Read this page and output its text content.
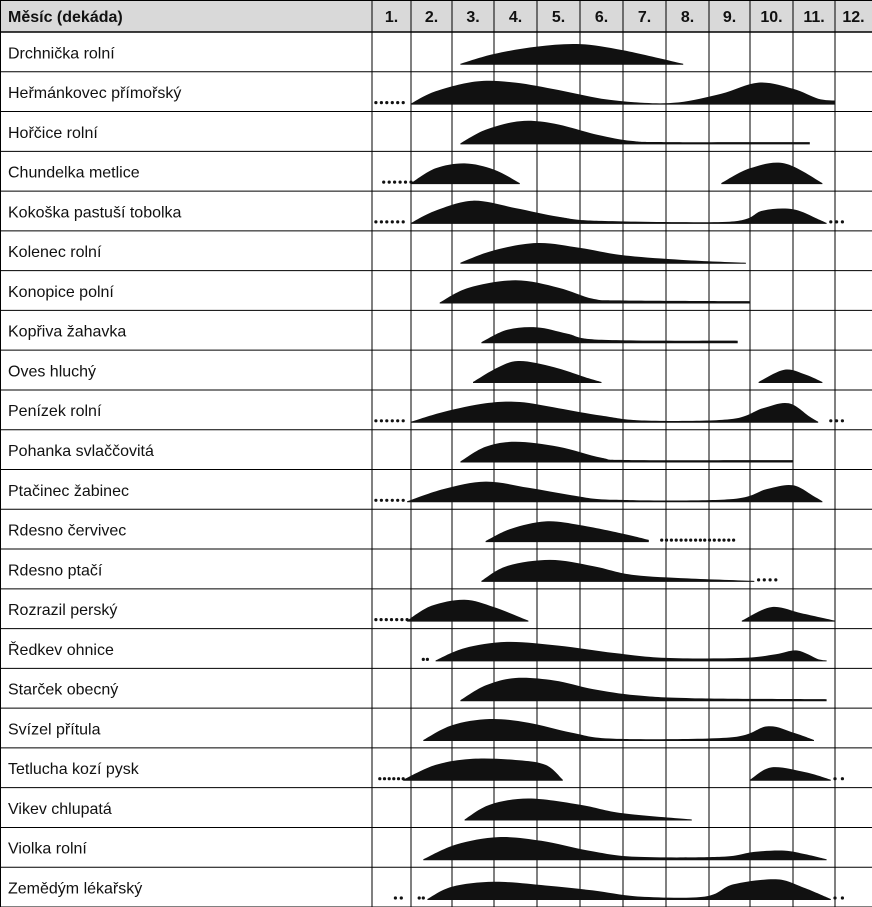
Měsíc (dekáda)	1. 2. 3. 4. 5. 6. 7. 8. 9. 10. 11. 12.
Drchnička rolní
Heřmánkovec přímořský
Hořčice rolní
Chundelka metlice
Kokoška pastuší tobolka
Kolenec rolní
Konopice polní
Kopřiva žahavka
Oves hluchý
Penízek rolní
Pohanka svlaččovitá
Ptačinec žabinec
Rdesno červivec
Rdesno ptačí
Rozrazil perský
Ředkev ohnice
Starček obecný
Svízel přítula
Tetlucha kozí pysk
Vikev chlupatá
Violka rolní
Zemědým lékařský
